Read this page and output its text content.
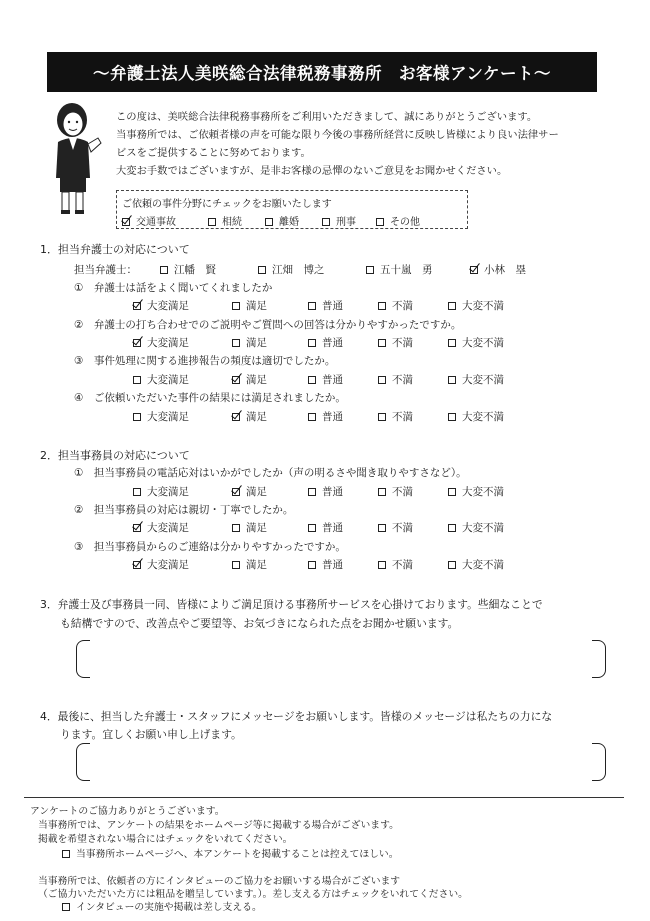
～弁護士法人美咲総合法律税務事務所　お客様アンケート～

この度は、美咲総合法律税務事務所をご利用いただきまして、誠にありがとうございます。

当事務所では、ご依頼者様の声を可能な限り今後の事務所経営に反映し皆様により良い法律サー

ビスをご提供することに努めております。

大変お手数ではございますが、是非お客様の忌憚のないご意見をお聞かせください。

ご依頼の事件分野にチェックをお願いたします
交通事故	相続	離婚	刑事	その他
1．担当弁護士の対応について
担当弁護士：	江幡　賢	江畑　博之	五十嵐　勇	小林　塁
①　弁護士は話をよく聞いてくれましたか
大変満足	満足	普通	不満	大変不満
②　弁護士の打ち合わせでのご説明やご質問への回答は分かりやすかったですか。
大変満足	満足	普通	不満	大変不満
③　事件処理に関する進捗報告の頻度は適切でしたか。
大変満足	満足	普通	不満	大変不満
④　ご依頼いただいた事件の結果には満足されましたか。
大変満足	満足	普通	不満	大変不満
2．担当事務員の対応について
①　担当事務員の電話応対はいかがでしたか（声の明るさや聞き取りやすさなど）。
大変満足	満足	普通	不満	大変不満
②　担当事務員の対応は親切・丁寧でしたか。
大変満足	満足	普通	不満	大変不満
③　担当事務員からのご連絡は分かりやすかったですか。
大変満足	満足	普通	不満	大変不満
3．弁護士及び事務員一同、皆様によりご満足頂ける事務所サービスを心掛けております。些細なことで
も結構ですので、改善点やご要望等、お気づきになられた点をお聞かせ願います。
4．最後に、担当した弁護士・スタッフにメッセージをお願いします。皆様のメッセージは私たちの力にな
ります。宜しくお願い申し上げます。
アンケートのご協力ありがとうございます。
当事務所では、アンケートの結果をホームページ等に掲載する場合がございます。
掲載を希望されない場合にはチェックをいれてください。
当事務所ホームページへ、本アンケートを掲載することは控えてほしい。
当事務所では、依頼者の方にインタビューのご協力をお願いする場合がございます
（ご協力いただいた方には粗品を贈呈しています。）。差し支える方はチェックをいれてください。
インタビューの実施や掲載は差し支える。
